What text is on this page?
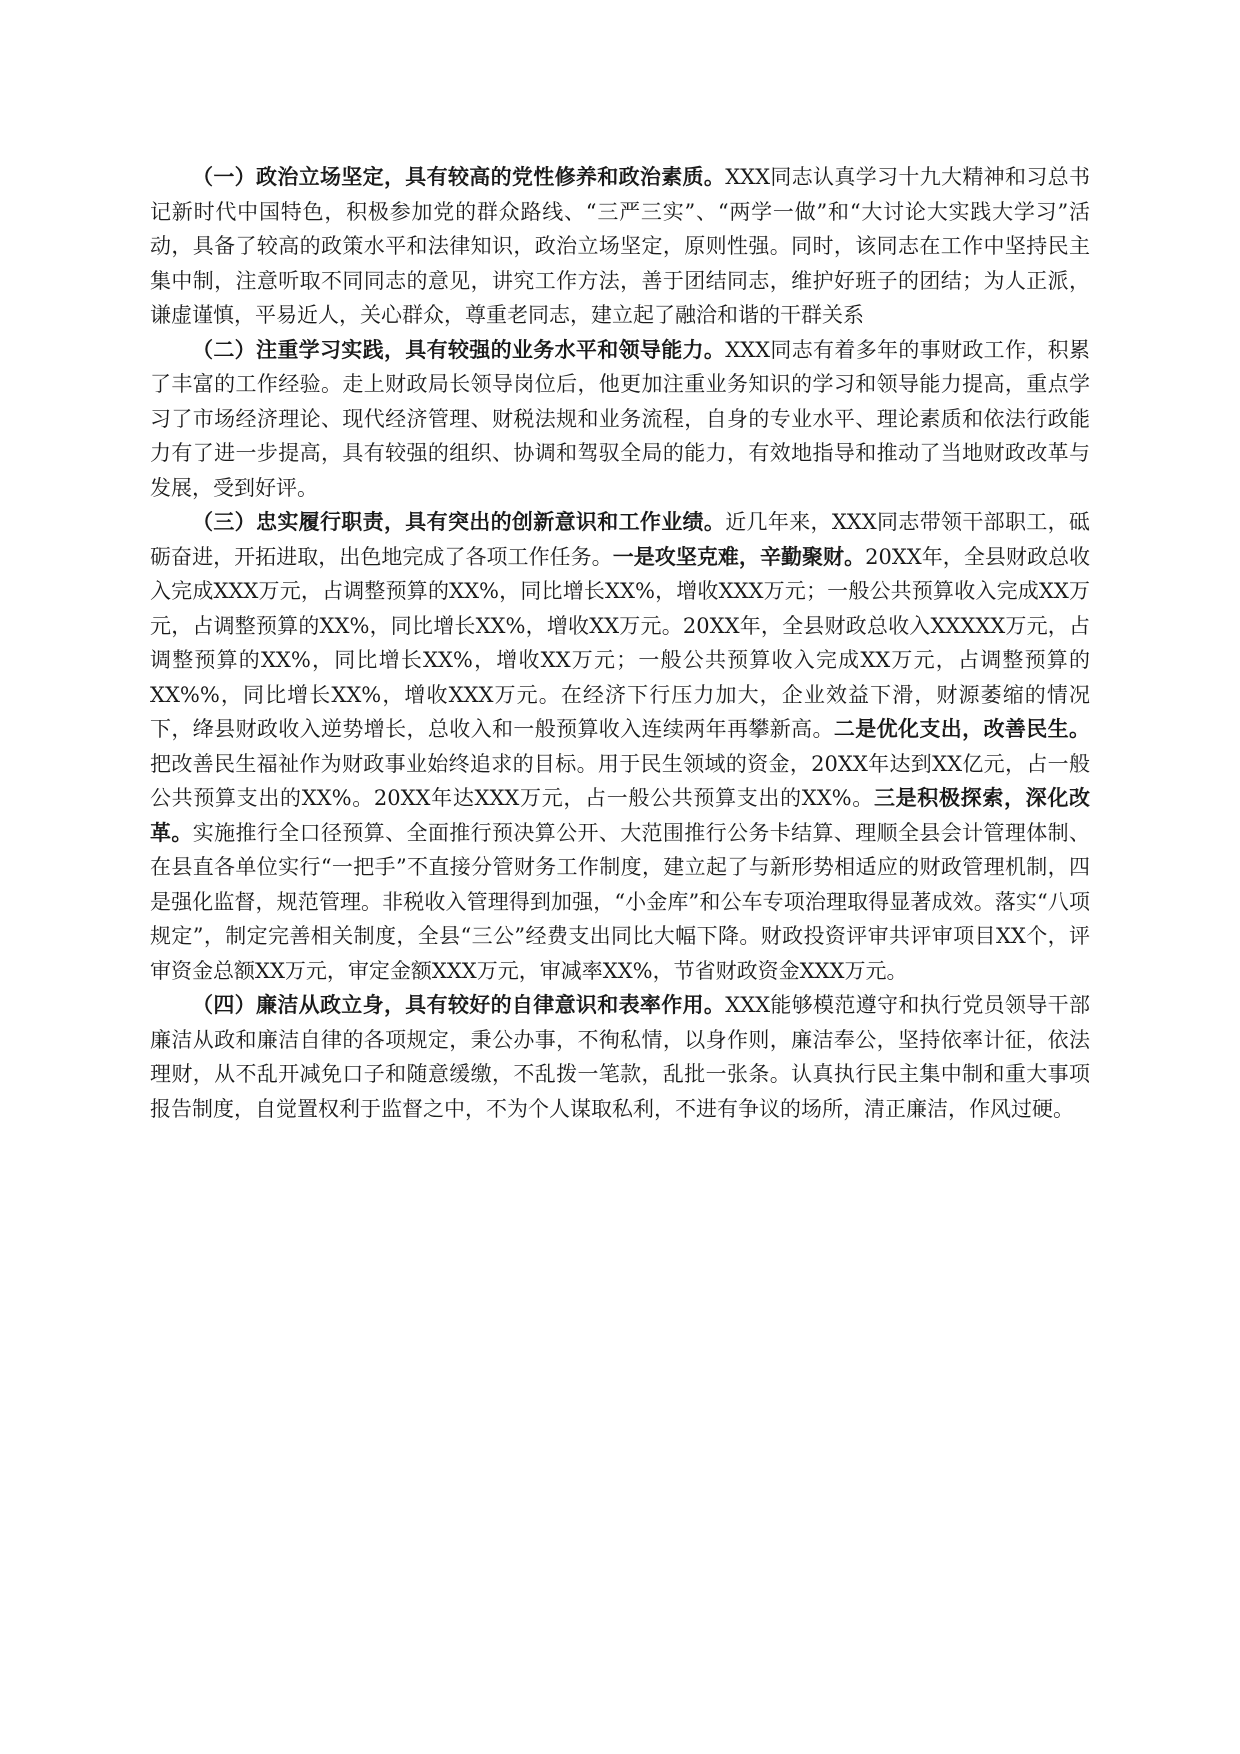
（一）政治立场坚定，具有较高的党性修养和政治素质。XXX同志认真学习十九大精神和习总书记新时代中国特色，积极参加党的群众路线、“三严三实”、“两学一做”和“大讨论大实践大学习”活动，具备了较高的政策水平和法律知识，政治立场坚定，原则性强。同时，该同志在工作中坚持民主集中制，注意听取不同同志的意见，讲究工作方法，善于团结同志，维护好班子的团结；为人正派，谦虚谨慎，平易近人，关心群众，尊重老同志，建立起了融洽和谐的干群关系

（二）注重学习实践，具有较强的业务水平和领导能力。XXX同志有着多年的事财政工作，积累了丰富的工作经验。走上财政局长领导岗位后，他更加注重业务知识的学习和领导能力提高，重点学习了市场经济理论、现代经济管理、财税法规和业务流程，自身的专业水平、理论素质和依法行政能力有了进一步提高，具有较强的组织、协调和驾驭全局的能力，有效地指导和推动了当地财政改革与发展，受到好评。

（三）忠实履行职责，具有突出的创新意识和工作业绩。近几年来，XXX同志带领干部职工，砥砺奋进，开拓进取，出色地完成了各项工作任务。一是攻坚克难，辛勤聚财。20XX年，全县财政总收入完成XXX万元，占调整预算的XX%，同比增长XX%，增收XXX万元；一般公共预算收入完成XX万元，占调整预算的XX%，同比增长XX%，增收XX万元。20XX年，全县财政总收入XXXXX万元，占调整预算的XX%，同比增长XX%，增收XX万元；一般公共预算收入完成XX万元，占调整预算的XX%%，同比增长XX%，增收XXX万元。在经济下行压力加大，企业效益下滑，财源萎缩的情况下，绛县财政收入逆势增长，总收入和一般预算收入连续两年再攀新高。二是优化支出，改善民生。把改善民生福祉作为财政事业始终追求的目标。用于民生领域的资金，20XX年达到XX亿元，占一般公共预算支出的XX%。20XX年达XXX万元，占一般公共预算支出的XX%。三是积极探索，深化改革。实施推行全口径预算、全面推行预决算公开、大范围推行公务卡结算、理顺全县会计管理体制、在县直各单位实行“一把手”不直接分管财务工作制度，建立起了与新形势相适应的财政管理机制，四是强化监督，规范管理。非税收入管理得到加强，“小金库”和公车专项治理取得显著成效。落实“八项规定”，制定完善相关制度，全县“三公”经费支出同比大幅下降。财政投资评审共评审项目XX个，评审资金总额XX万元，审定金额XXX万元，审减率XX%，节省财政资金XXX万元。

（四）廉洁从政立身，具有较好的自律意识和表率作用。XXX能够模范遵守和执行党员领导干部廉洁从政和廉洁自律的各项规定，秉公办事，不徇私情，以身作则，廉洁奉公，坚持依率计征，依法理财，从不乱开减免口子和随意缓缴，不乱拨一笔款，乱批一张条。认真执行民主集中制和重大事项报告制度，自觉置权利于监督之中，不为个人谋取私利，不进有争议的场所，清正廉洁，作风过硬。
